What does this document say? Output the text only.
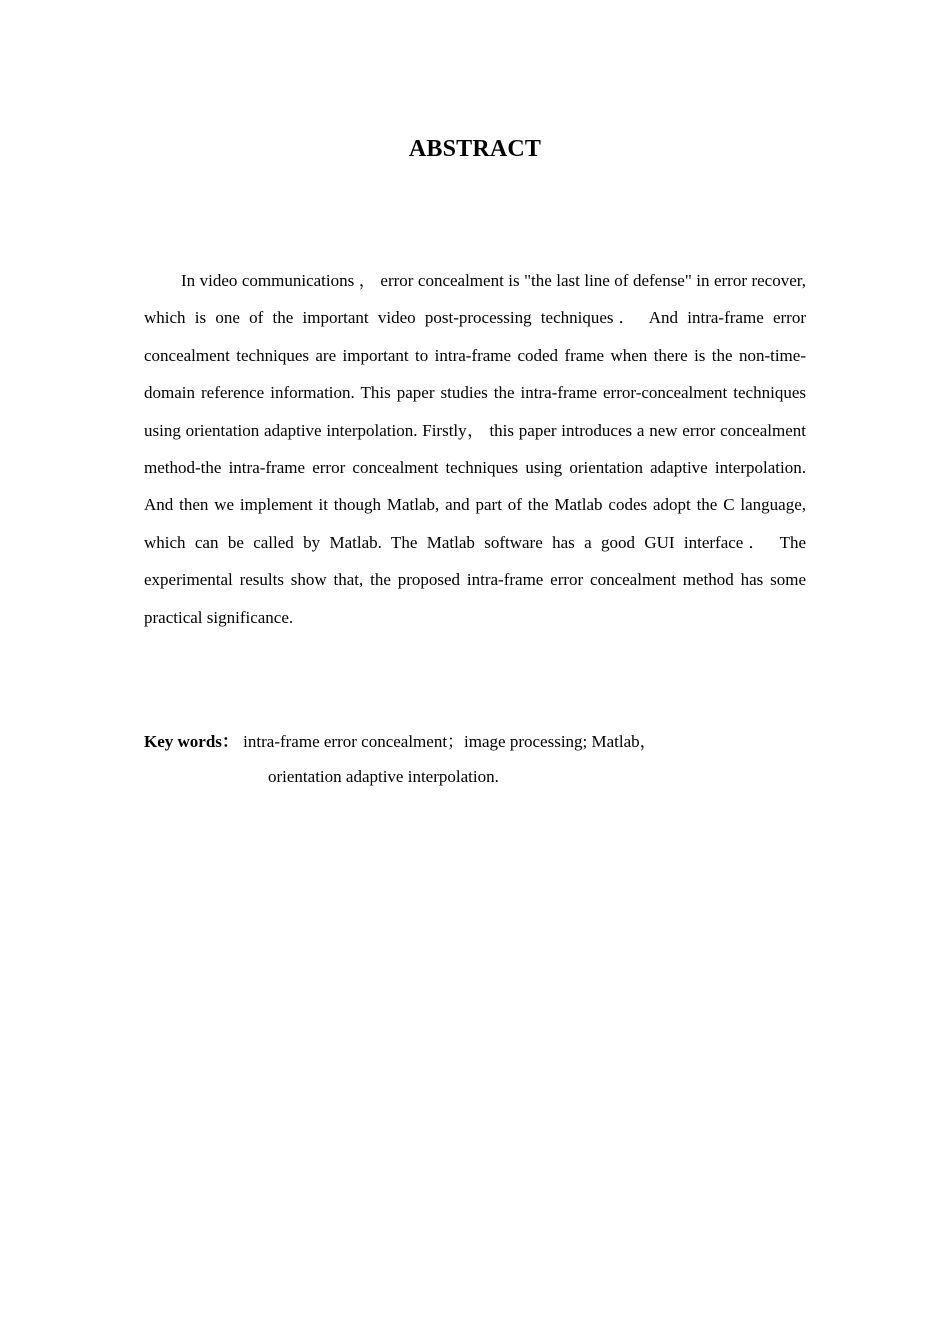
ABSTRACT

In video communications ， error concealment is "the last line of defense" in error recover, which is one of the important video post-processing techniques． And intra-frame error concealment techniques are important to intra-frame coded frame when there is the non-time-domain reference information. This paper studies the intra-frame error-concealment techniques using orientation adaptive interpolation. Firstly， this paper introduces a new error concealment method-the intra-frame error concealment techniques using orientation adaptive interpolation. And then we implement it though Matlab, and part of the Matlab codes adopt the C language, which can be called by Matlab. The Matlab software has a good GUI interface． The experimental results show that, the proposed intra-frame error concealment method has some practical significance.

Key words： intra-frame error concealment；image processing; Matlab，
orientation adaptive interpolation.
